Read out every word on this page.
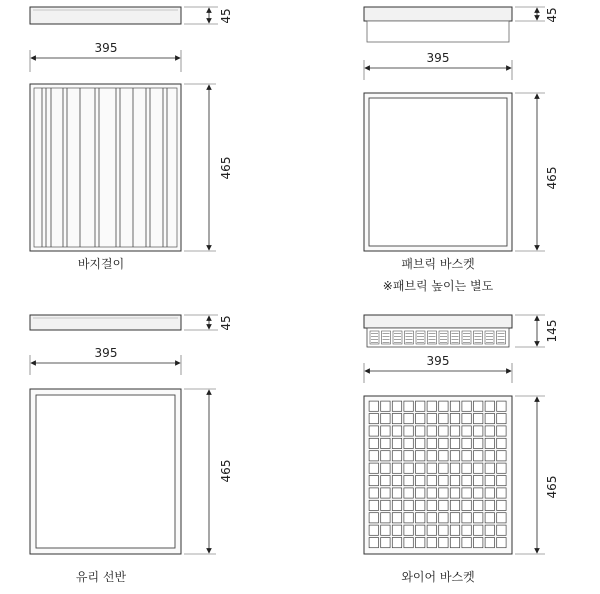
45
395
465
바지걸이
45
395
465
패브릭 바스켓
※패브릭 높이는 별도
45
395
465
유리 선반
145
395
465
와이어 바스켓
